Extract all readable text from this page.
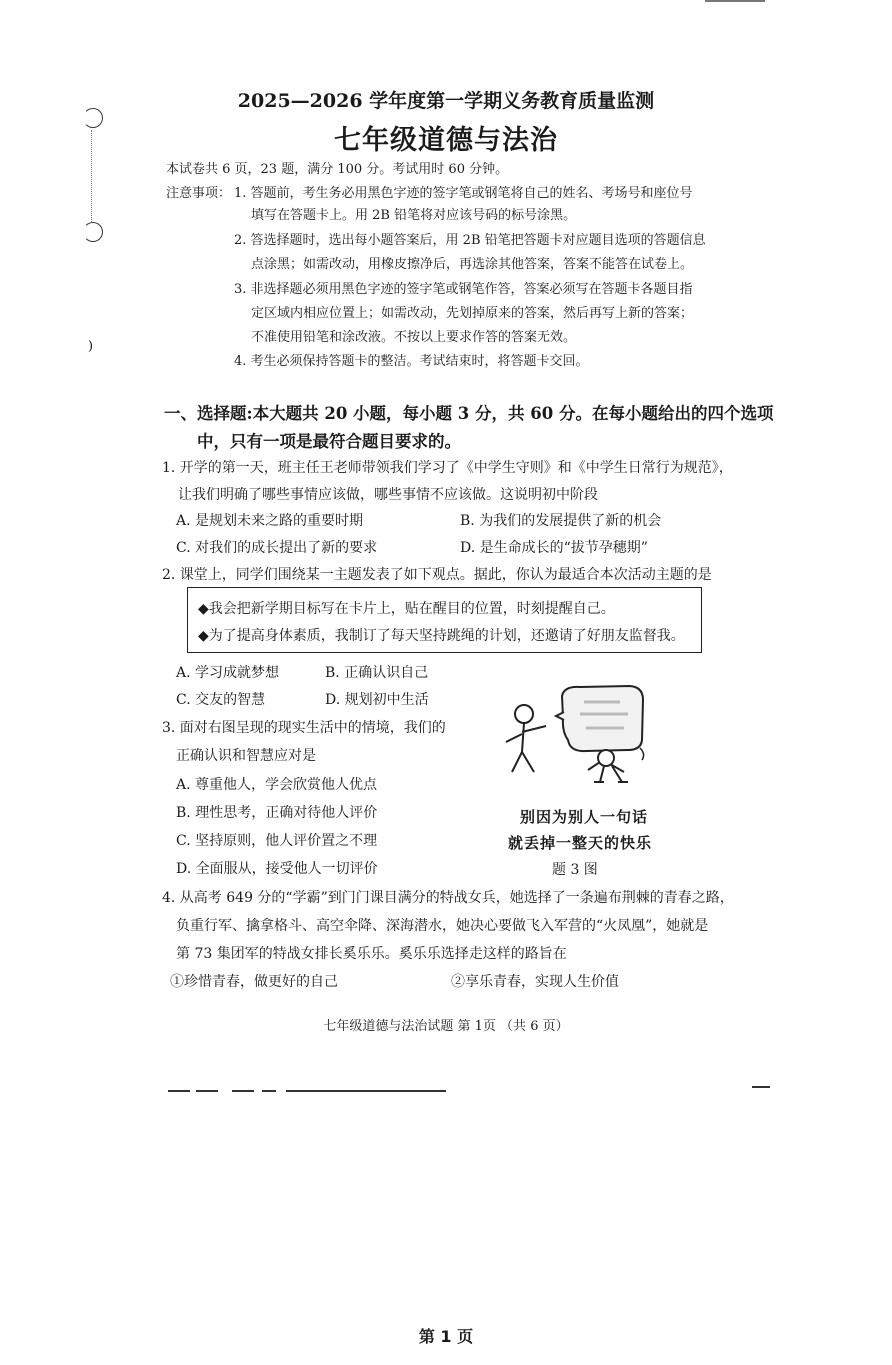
)
2025—2026 学年度第一学期义务教育质量监测
七年级道德与法治
本试卷共 6 页，23 题，满分 100 分。考试用时 60 分钟。
注意事项： 1. 答题前，考生务必用黑色字迹的签字笔或钢笔将自己的姓名、考场号和座位号
填写在答题卡上。用 2B 铅笔将对应该号码的标号涂黑。
2. 答选择题时，选出每小题答案后，用 2B 铅笔把答题卡对应题目选项的答题信息
点涂黑；如需改动，用橡皮擦净后，再选涂其他答案，答案不能答在试卷上。
3. 非选择题必须用黑色字迹的签字笔或钢笔作答，答案必须写在答题卡各题目指
定区域内相应位置上；如需改动，先划掉原来的答案，然后再写上新的答案；
不准使用铅笔和涂改液。不按以上要求作答的答案无效。
4. 考生必须保持答题卡的整洁。考试结束时，将答题卡交回。
一、选择题:本大题共 20 小题，每小题 3 分，共 60 分。在每小题给出的四个选项
中，只有一项是最符合题目要求的。
1. 开学的第一天，班主任王老师带领我们学习了《中学生守则》和《中学生日常行为规范》，
让我们明确了哪些事情应该做，哪些事情不应该做。这说明初中阶段
A. 是规划未来之路的重要时期	B. 为我们的发展提供了新的机会
C. 对我们的成长提出了新的要求	D. 是生命成长的“拔节孕穗期”
2. 课堂上，同学们围绕某一主题发表了如下观点。据此，你认为最适合本次活动主题的是
◆我会把新学期目标写在卡片上，贴在醒目的位置，时刻提醒自己。
◆为了提高身体素质，我制订了每天坚持跳绳的计划，还邀请了好朋友监督我。
A. 学习成就梦想	B. 正确认识自己
C. 交友的智慧	D. 规划初中生活
3. 面对右图呈现的现实生活中的情境，我们的
正确认识和智慧应对是
A. 尊重他人，学会欣赏他人优点
B. 理性思考，正确对待他人评价
C. 坚持原则，他人评价置之不理
D. 全面服从，接受他人一切评价
别因为别人一句话
就丢掉一整天的快乐
题 3 图
4. 从高考 649 分的“学霸”到门门课目满分的特战女兵，她选择了一条遍布荆棘的青春之路，
负重行军、擒拿格斗、高空伞降、深海潜水，她决心要做飞入军营的“火凤凰”，她就是
第 73 集团军的特战女排长奚乐乐。奚乐乐选择走这样的路旨在
①珍惜青春，做更好的自己	②享乐青春，实现人生价值
七年级道德与法治试题 第 1页 （共 6 页）
第 1 页
